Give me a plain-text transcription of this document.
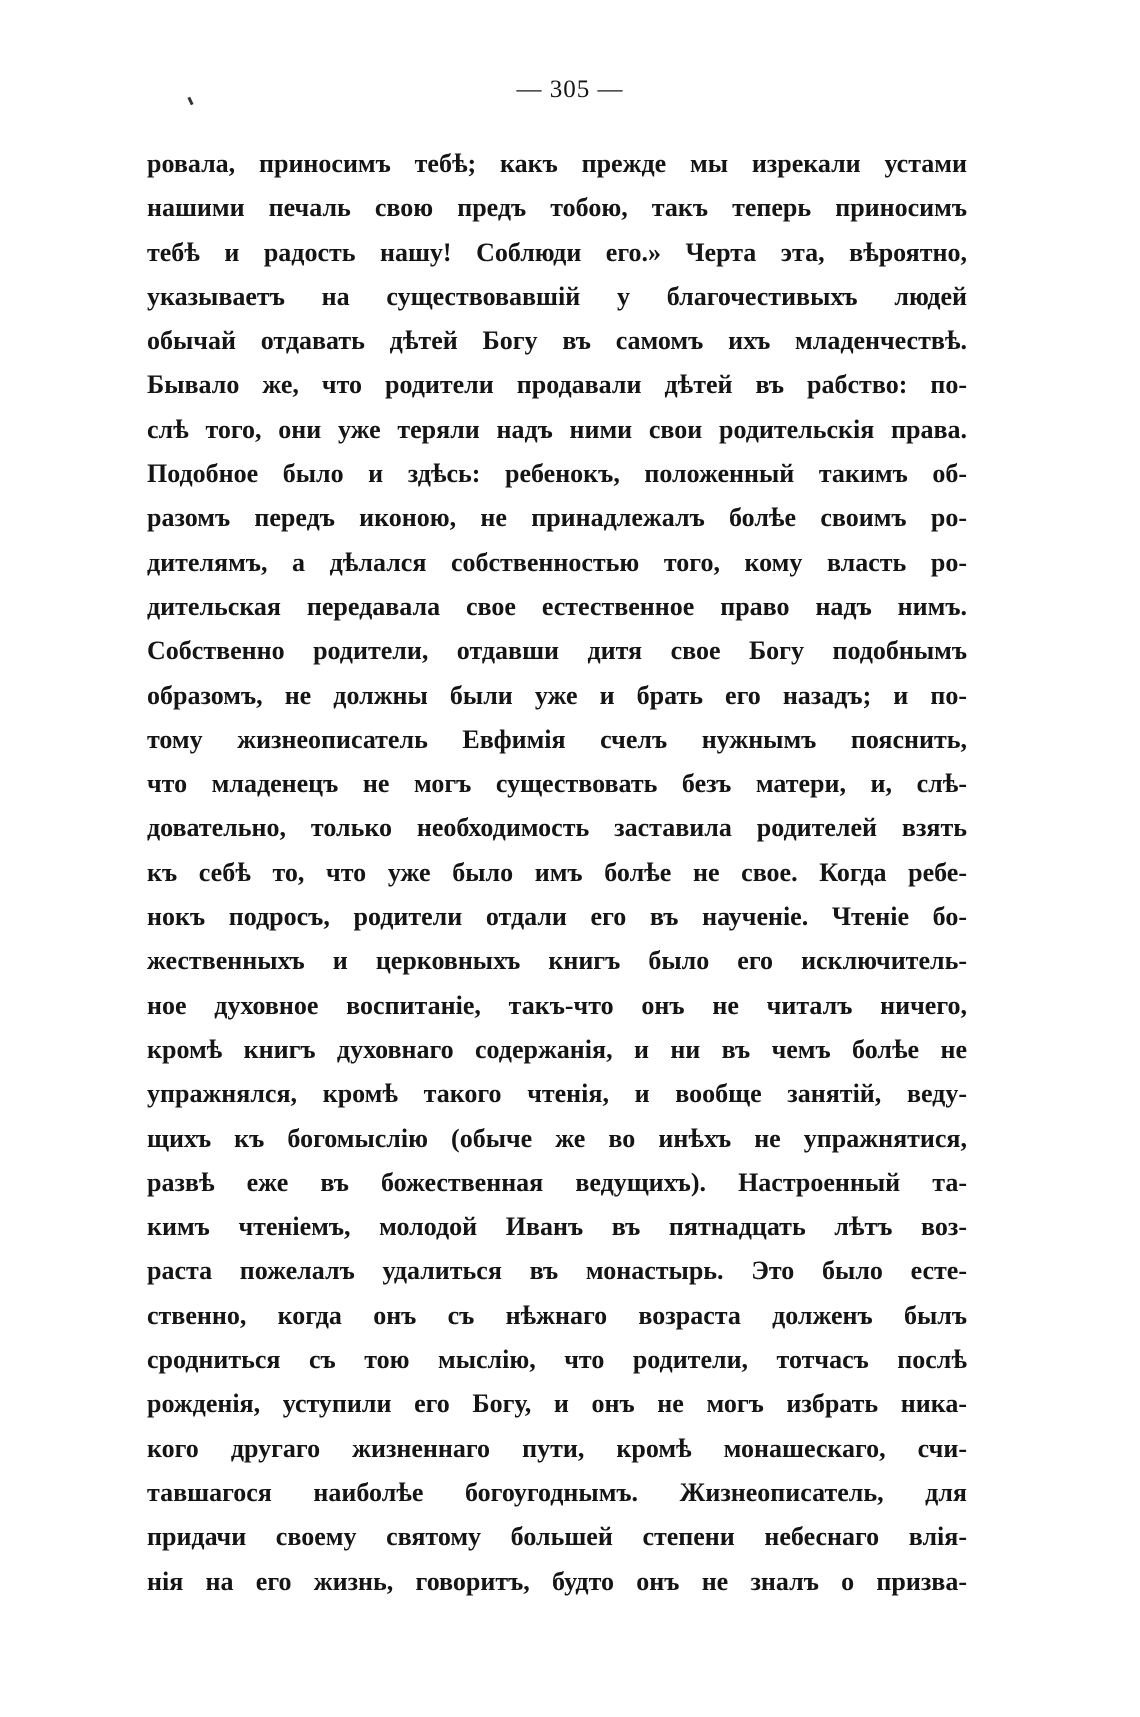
— 305 —
ровала, приносимъ тебѣ; какъ прежде мы изрекали устами
нашими печаль свою предъ тобою, такъ теперь приносимъ
тебѣ и радость нашу! Соблюди его.» Черта эта, вѣроятно,
указываетъ на существовавшій у благочестивыхъ людей
обычай отдавать дѣтей Богу въ самомъ ихъ младенчествѣ.
Бывало же, что родители продавали дѣтей въ рабство: по-
слѣ того, они уже теряли надъ ними свои родительскія права.
Подобное было и здѣсь: ребенокъ, положенный такимъ об-
разомъ передъ иконою, не принадлежалъ болѣе своимъ ро-
дителямъ, а дѣлался собственностью того, кому власть ро-
дительская передавала свое естественное право надъ нимъ.
Собственно родители, отдавши дитя свое Богу подобнымъ
образомъ, не должны были уже и брать его назадъ; и по-
тому жизнеописатель Евфимія счелъ нужнымъ пояснить,
что младенецъ не могъ существовать безъ матери, и, слѣ-
довательно, только необходимость заставила родителей взять
къ себѣ то, что уже было имъ болѣе не свое. Когда ребе-
нокъ подросъ, родители отдали его въ наученіе. Чтеніе бо-
жественныхъ и церковныхъ книгъ было его исключитель-
ное духовное воспитаніе, такъ-что онъ не читалъ ничего,
кромѣ книгъ духовнаго содержанія, и ни въ чемъ болѣе не
упражнялся, кромѣ такого чтенія, и вообще занятій, веду-
щихъ къ богомыслію (обыче же во инѣхъ не упражнятися,
развѣ еже въ божественная ведущихъ). Настроенный та-
кимъ чтеніемъ, молодой Иванъ въ пятнадцать лѣтъ воз-
раста пожелалъ удалиться въ монастырь. Это было есте-
ственно, когда онъ съ нѣжнаго возраста долженъ былъ
сродниться съ тою мыслію, что родители, тотчасъ послѣ
рожденія, уступили его Богу, и онъ не могъ избрать ника-
кого другаго жизненнаго пути, кромѣ монашескаго, счи-
тавшагося наиболѣе богоугоднымъ. Жизнеописатель, для
придачи своему святому большей степени небеснаго влія-
нія на его жизнь, говоритъ, будто онъ не зналъ о призва-
